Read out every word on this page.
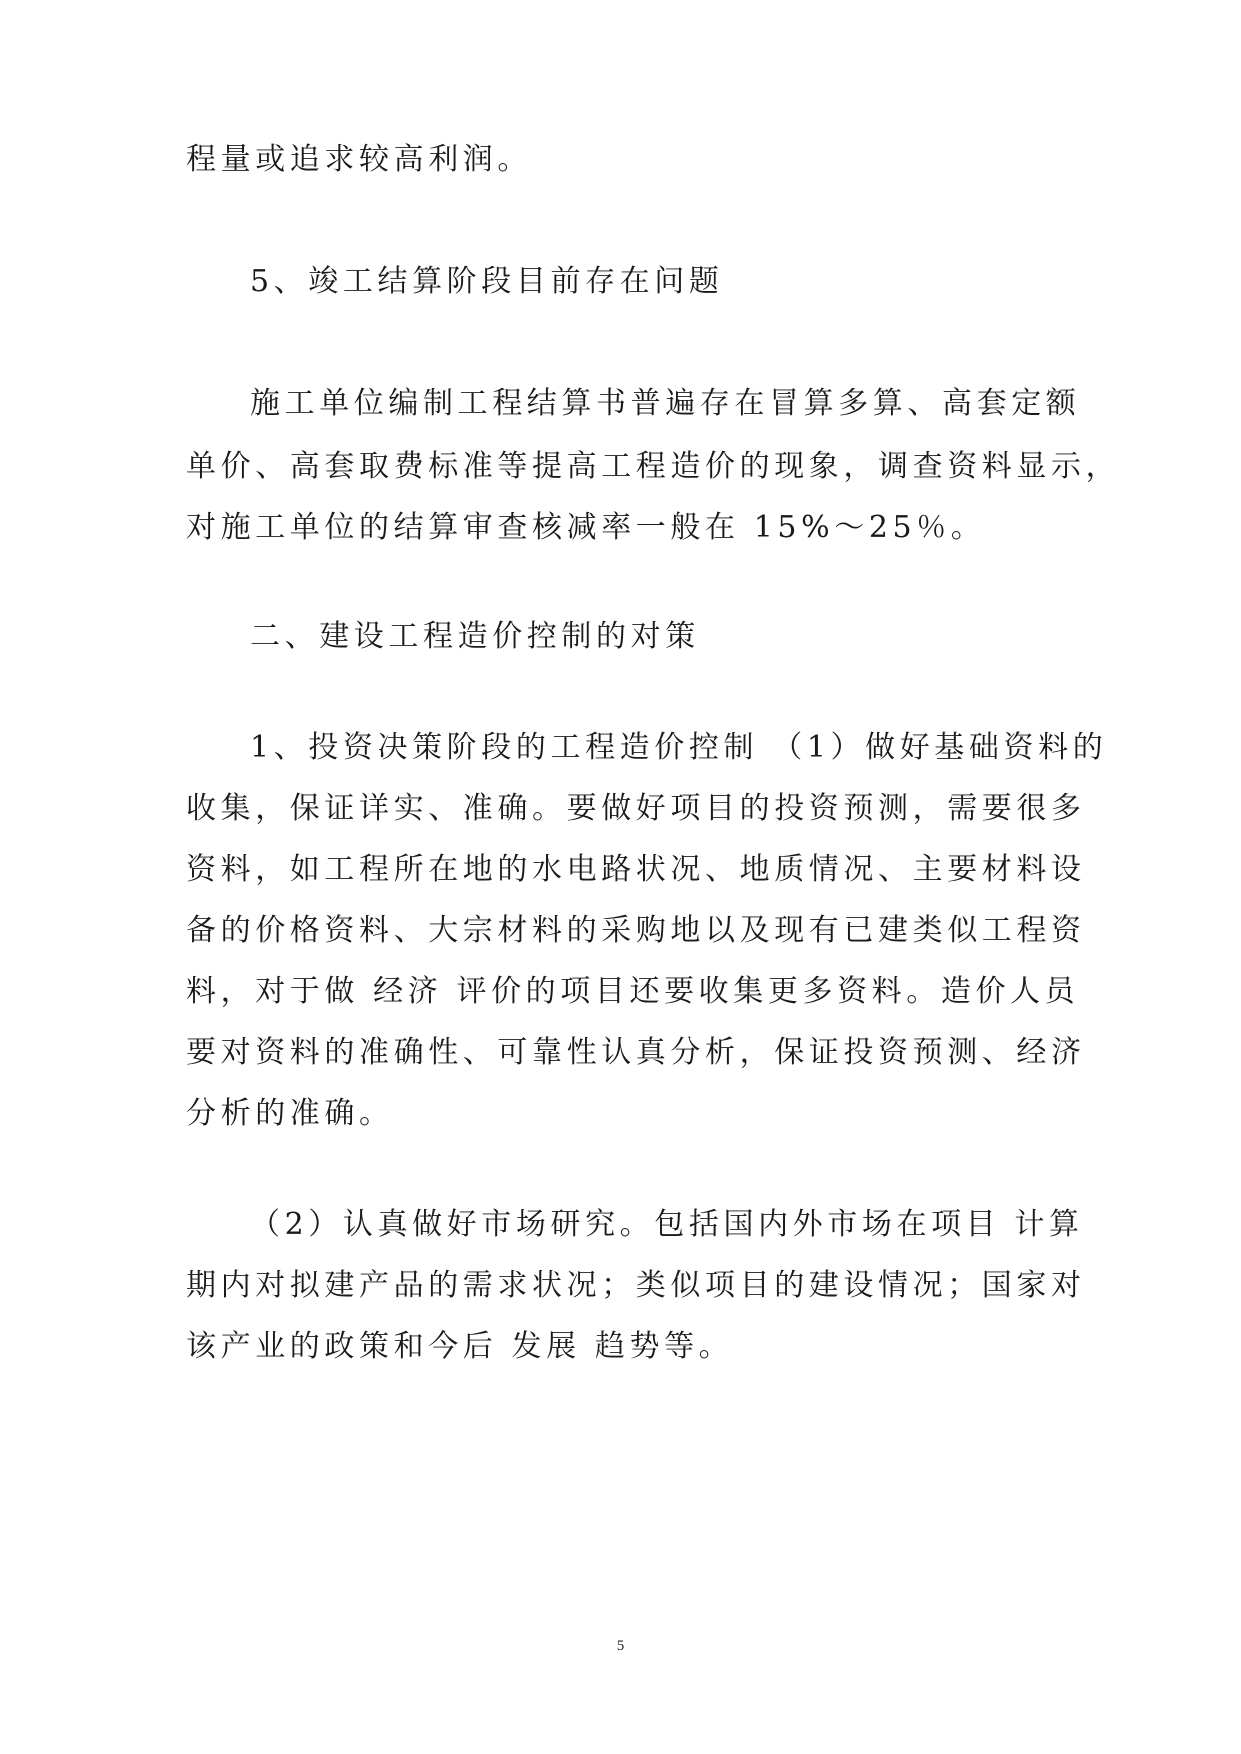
程量或追求较高利润。
5、竣工结算阶段目前存在问题
施工单位编制工程结算书普遍存在冒算多算、高套定额
单价、高套取费标准等提高工程造价的现象，调查资料显示，
对施工单位的结算审查核减率一般在 15%～25％。
二、建设工程造价控制的对策
1、投资决策阶段的工程造价控制 （1）做好基础资料的
收集，保证详实、准确。要做好项目的投资预测，需要很多
资料，如工程所在地的水电路状况、地质情况、主要材料设
备的价格资料、大宗材料的采购地以及现有已建类似工程资
料，对于做 经济 评价的项目还要收集更多资料。造价人员
要对资料的准确性、可靠性认真分析，保证投资预测、经济
分析的准确。
（2）认真做好市场研究。包括国内外市场在项目 计算
期内对拟建产品的需求状况；类似项目的建设情况；国家对
该产业的政策和今后 发展 趋势等。
5
